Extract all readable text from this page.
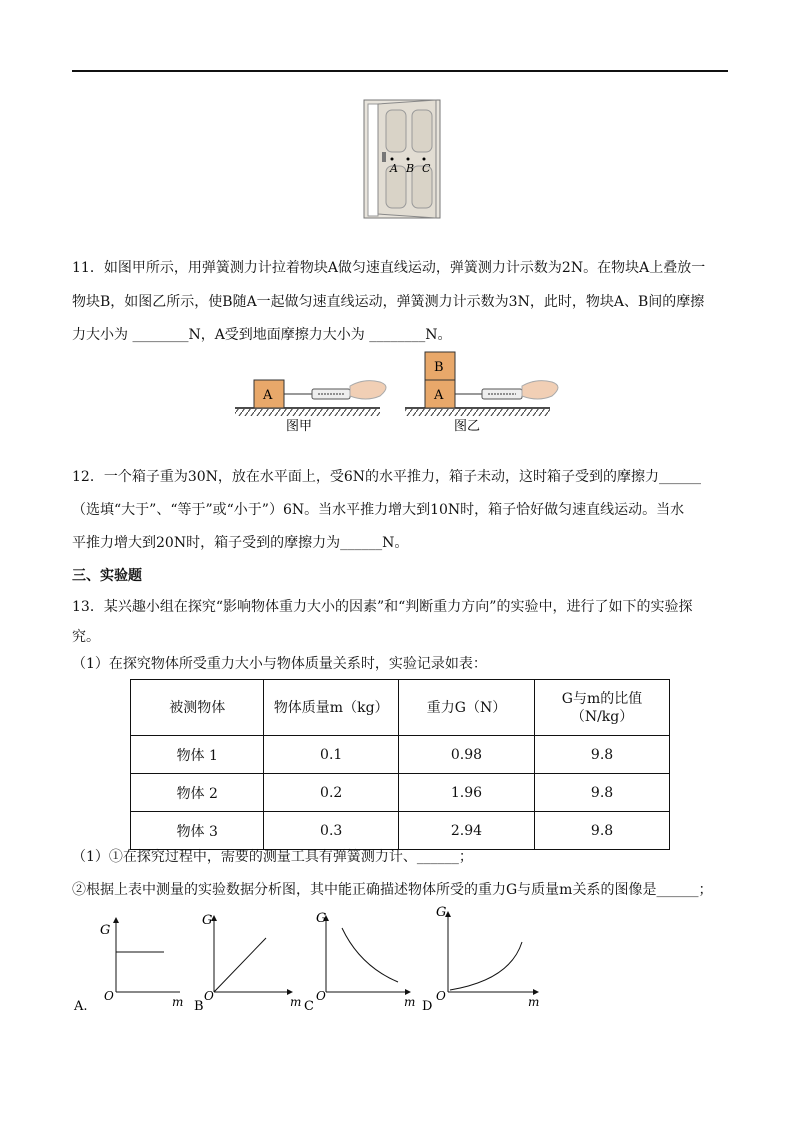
A B C
11．如图甲所示，用弹簧测力计拉着物块A做匀速直线运动，弹簧测力计示数为2N。在物块A上叠放一
物块B，如图乙所示，使B随A一起做匀速直线运动，弹簧测力计示数为3N，此时，物块A、B间的摩擦
力大小为 ________N，A受到地面摩擦力大小为 ________N。
A
图甲
B
A
图乙
12．一个箱子重为30N，放在水平面上，受6N的水平推力，箱子未动，这时箱子受到的摩擦力______
（选填“大于”、“等于”或“小于”）6N。当水平推力增大到10N时，箱子恰好做匀速直线运动。当水
平推力增大到20N时，箱子受到的摩擦力为______N。
三、实验题
13．某兴趣小组在探究“影响物体重力大小的因素”和“判断重力方向”的实验中，进行了如下的实验探
究。
（1）在探究物体所受重力大小与物体质量关系时，实验记录如表：
被测物体	物体质量m（kg）	重力G（N）	G与m的比值
（N/kg）

物体 1	0.1	0.98	9.8
物体 2	0.2	1.96	9.8
物体 3	0.3	2.94	9.8
（1）①在探究过程中，需要的测量工具有弹簧测力计、______；
②根据上表中测量的实验数据分析图，其中能正确描述物体所受的重力G与质量m关系的图像是______；
G
O	m
A.
G
O	m
B
G
O	m
C
G
O	m
D
